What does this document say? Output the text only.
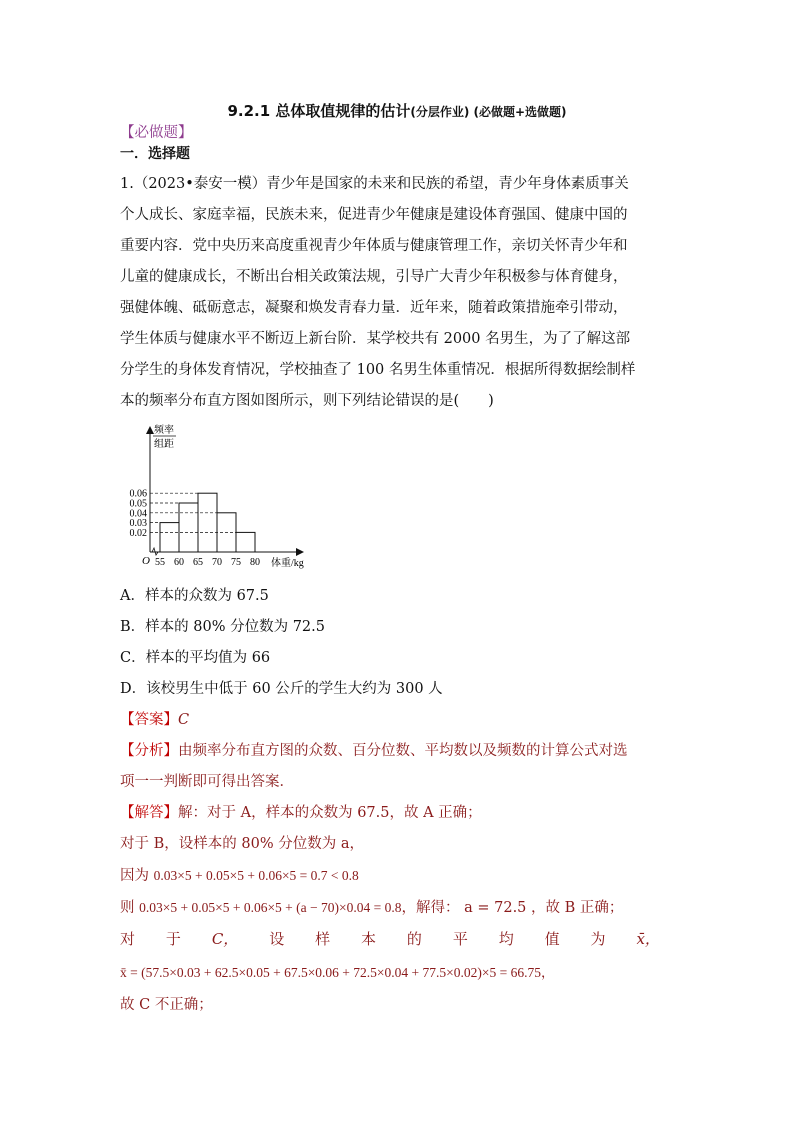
9.2.1 总体取值规律的估计(分层作业) (必做题+选做题)
【必做题】
一．选择题
1.（2023•泰安一模）青少年是国家的未来和民族的希望，青少年身体素质事关
个人成长、家庭幸福，民族未来，促进青少年健康是建设体育强国、健康中国的
重要内容．党中央历来高度重视青少年体质与健康管理工作，亲切关怀青少年和
儿童的健康成长，不断出台相关政策法规，引导广大青少年积极参与体育健身，
强健体魄、砥砺意志，凝聚和焕发青春力量．近年来，随着政策措施牵引带动，
学生体质与健康水平不断迈上新台阶．某学校共有 2000 名男生，为了了解这部
分学生的身体发育情况，学校抽查了 100 名男生体重情况．根据所得数据绘制样
本的频率分布直方图如图所示，则下列结论错误的是(　　)
频率
组距
0.02
0.03
0.04
0.05
0.06
55 60 65 70 75 80
O	体重/kg
A．样本的众数为 67.5
B．样本的 80% 分位数为 72.5
C．样本的平均值为 66
D．该校男生中低于 60 公斤的学生大约为 300 人
【答案】C
【分析】由频率分布直方图的众数、百分位数、平均数以及频数的计算公式对选
项一一判断即可得出答案．
【解答】解：对于 A，样本的众数为 67.5，故 A 正确；
对于 B，设样本的 80% 分位数为 a，
因为 0.03×5 + 0.05×5 + 0.06×5 = 0.7 < 0.8
则 0.03×5 + 0.05×5 + 0.06×5 + (a − 70)×0.04 = 0.8，解得： a = 72.5 ，故 B 正确；
对 于 C， 设 样 本 的 平 均 值 为 x̄，
x̄ = (57.5×0.03 + 62.5×0.05 + 67.5×0.06 + 72.5×0.04 + 77.5×0.02)×5 = 66.75，
故 C 不正确；
